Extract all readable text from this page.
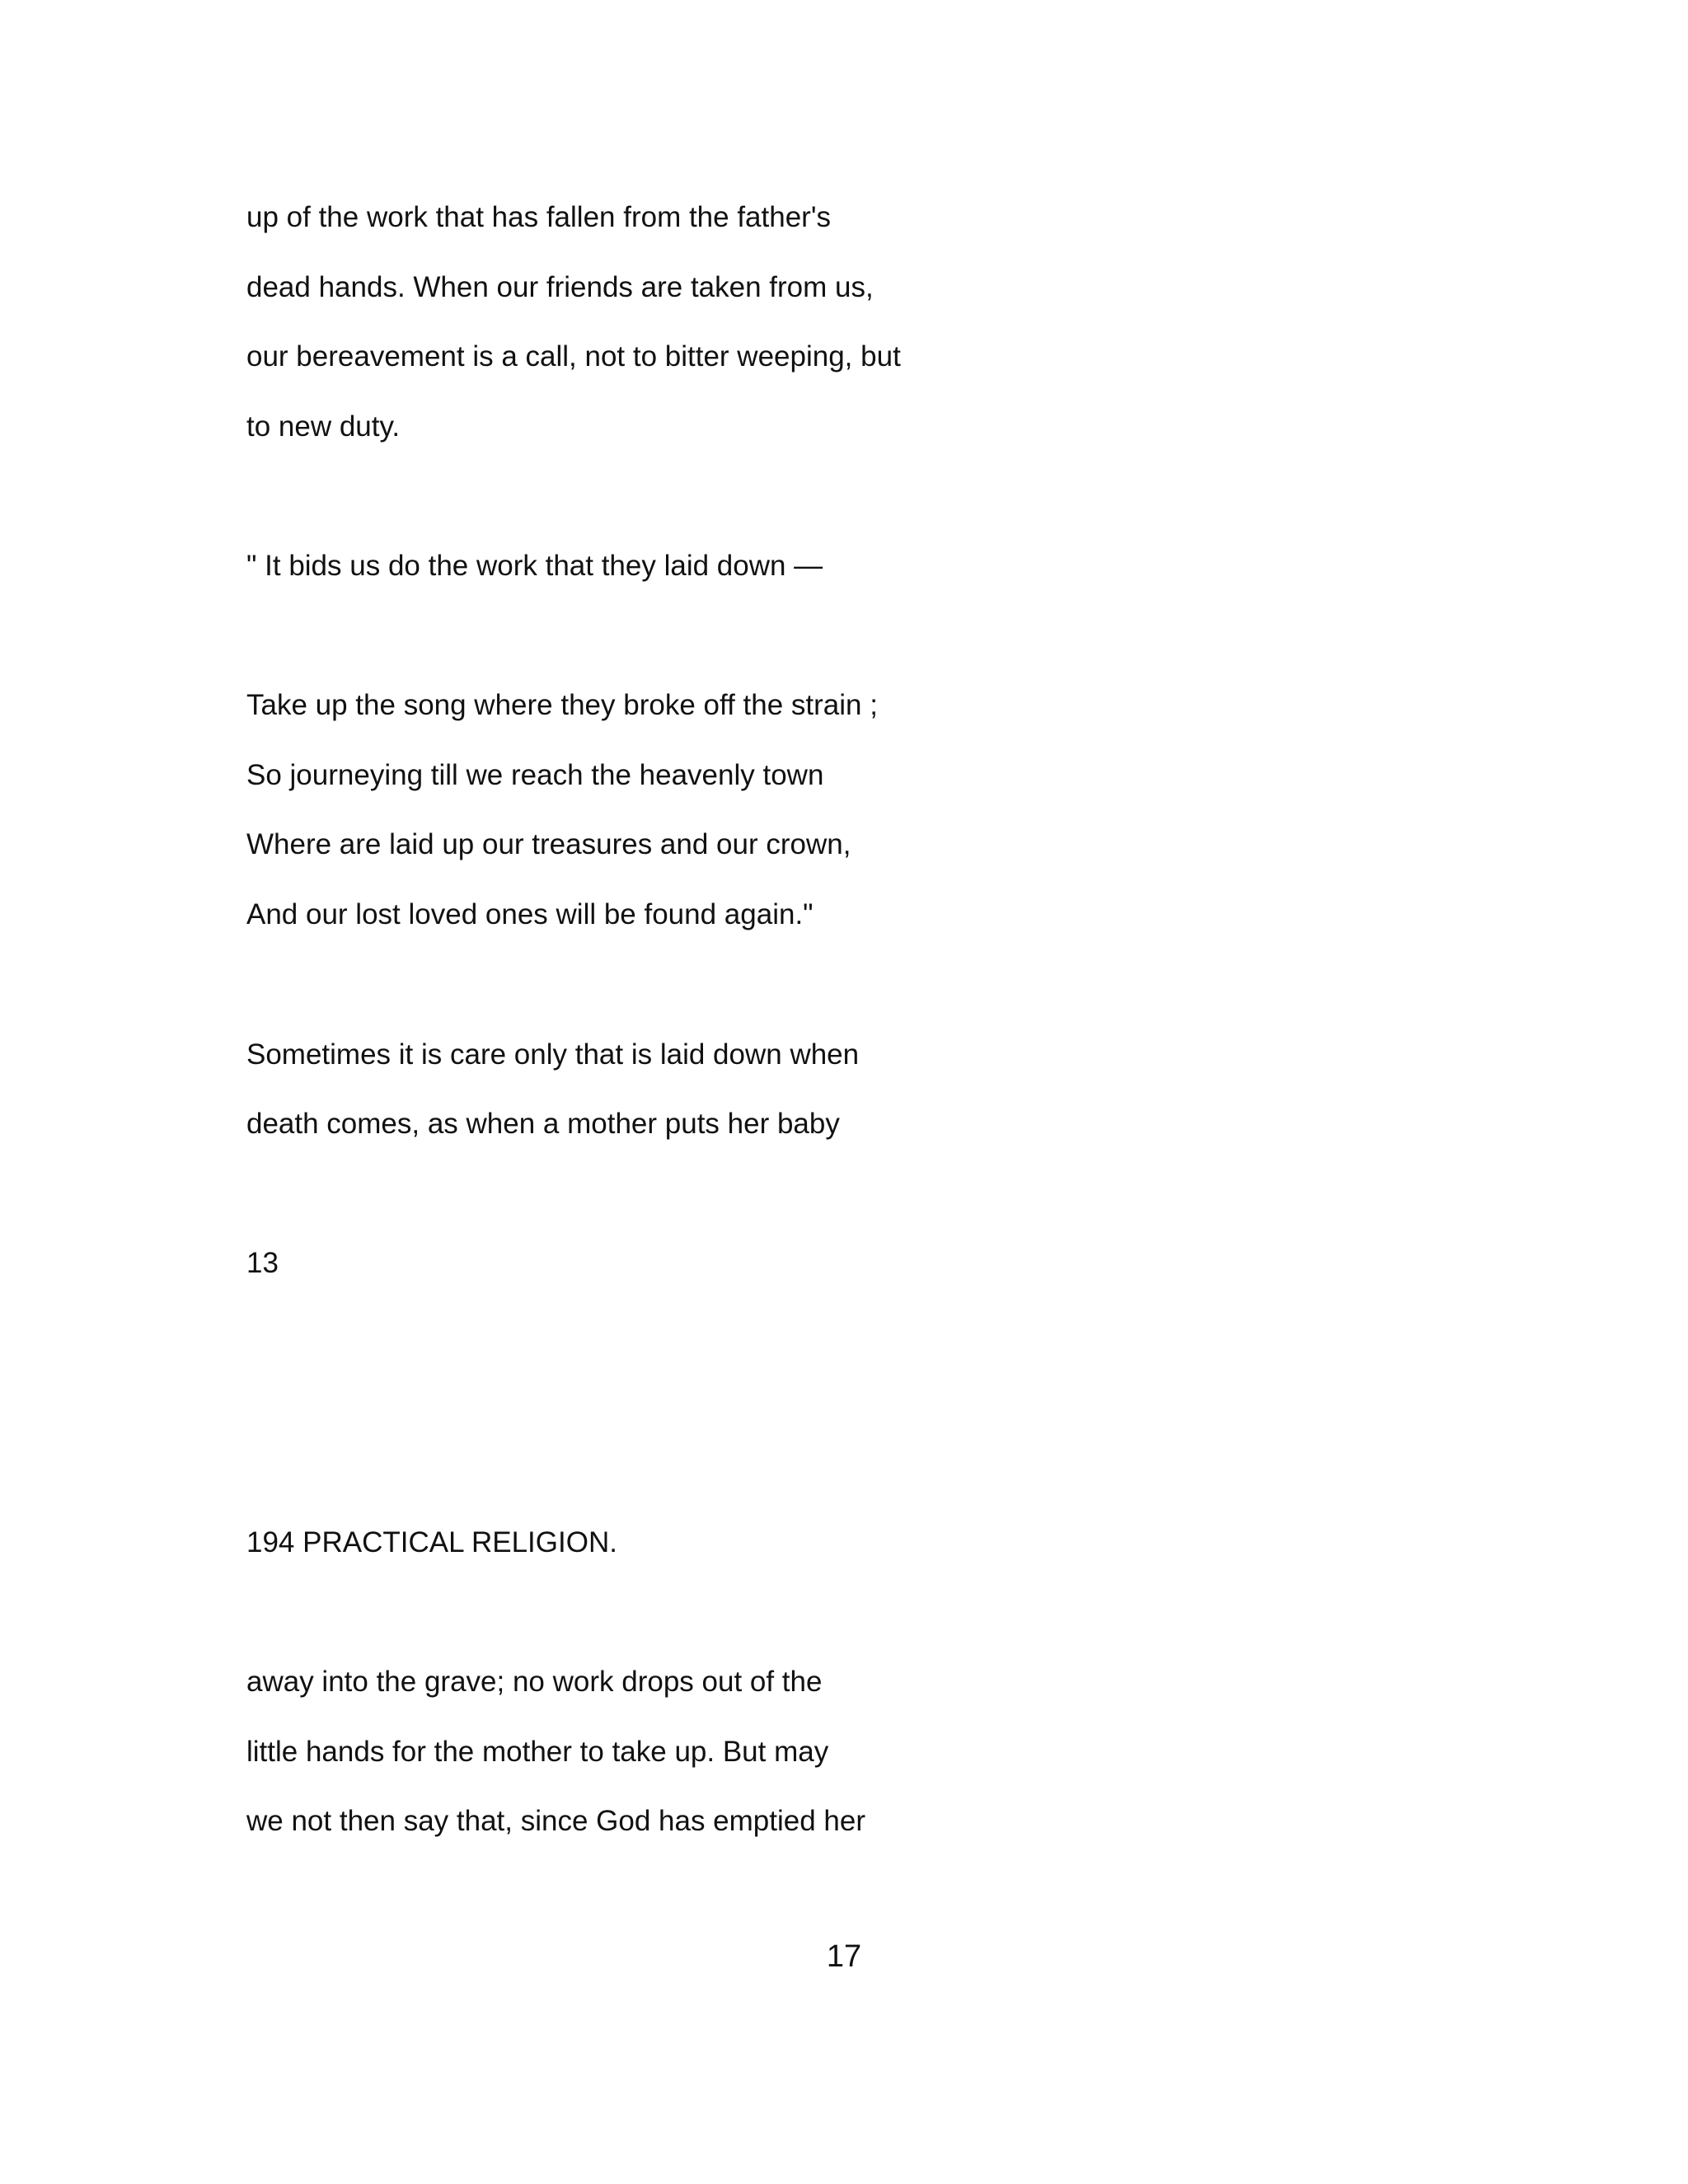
up of the work that has fallen from the father's
dead hands. When our friends are taken from us,
our bereavement is a call, not to bitter weeping, but
to new duty.
" It bids us do the work that they laid down —
Take up the song where they broke off the strain ;
So journeying till we reach the heavenly town
Where are laid up our treasures and our crown,
And our lost loved ones will be found again."
Sometimes it is care only that is laid down when
death comes, as when a mother puts her baby
13
194 PRACTICAL RELIGION.
away into the grave; no work drops out of the
little hands for the mother to take up. But may
we not then say that, since God has emptied her
17
